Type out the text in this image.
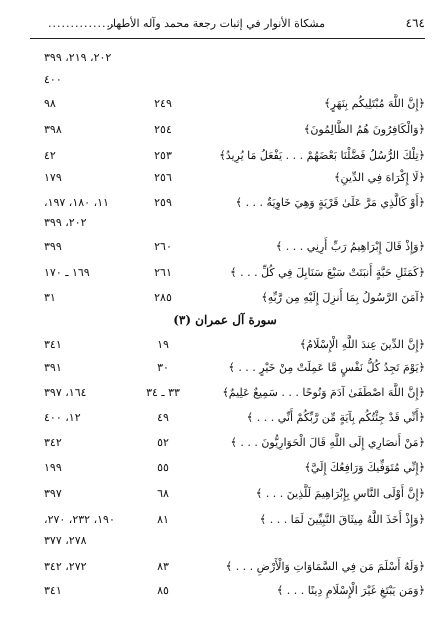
٤٦٤
مشكاة الأنوار في إثبات رجعة محمد وآله الأطهار
................
٢٠٢، ٢١٩، ٣٩٩
٤٠٠
﴿إِنَّ اللَّهَ مُبْتَلِيكُم بِنَهَرٍ﴾
٢٤٩
٩٨
﴿وَالْكَافِرُونَ هُمُ الظَّالِمُونَ﴾
٢٥٤
٣٩٨
﴿تِلْكَ الرُّسُلُ فَضَّلْنَا بَعْضَهُمْ . . . يَفْعَلُ مَا يُرِيدُ﴾
٢٥٣
٤٢
﴿لَا إِكْرَاهَ فِي الدِّينِ﴾
٢٥٦
١٧٩
﴿أَوْ كَالَّذِي مَرَّ عَلَىٰ قَرْيَةٍ وَهِيَ خَاوِيَةٌ . . . ﴾
٢٥٩
١١، ١٨٠، ١٩٧،
٢٠٢، ٣٩٩
﴿وَإِذْ قَالَ إِبْرَاهِيمُ رَبِّ أَرِنِي . . . ﴾
٢٦٠
٣٩٩
﴿كَمَثَلِ حَبَّةٍ أَنبَتَتْ سَبْعَ سَنَابِلَ فِي كُلِّ . . . ﴾
٢٦١
١٦٩ ـ ١٧٠
﴿آمَنَ الرَّسُولُ بِمَا أُنزِلَ إِلَيْهِ مِن رَّبِّهِ﴾
٢٨٥
٣١
سورة آل عمران (٣)
﴿إِنَّ الدِّينَ عِندَ اللَّهِ الْإِسْلَامُ﴾
١٩
٣٤١
﴿يَوْمَ تَجِدُ كُلُّ نَفْسٍ مَّا عَمِلَتْ مِنْ خَيْرٍ . . . ﴾
٣٠
٣٩١
﴿إِنَّ اللَّهَ اصْطَفَىٰ آدَمَ وَنُوحًا . . . سَمِيعٌ عَلِيمٌ﴾
٣٣ ـ ٣٤
١٦٤، ٣٩٧
﴿أَنِّي قَدْ جِئْتُكُم بِآيَةٍ مِّن رَّبِّكُمْ أَنِّي . . . ﴾
٤٩
١٢، ٤٠٠
﴿مَنْ أَنصَارِي إِلَى اللَّهِ قَالَ الْحَوَارِيُّونَ . . . ﴾
٥٢
٣٤٢
﴿إِنِّي مُتَوَفِّيكَ وَرَافِعُكَ إِلَيَّ﴾
٥٥
١٩٩
﴿إِنَّ أَوْلَى النَّاسِ بِإِبْرَاهِيمَ لَلَّذِينَ . . . ﴾
٦٨
٣٩٧
﴿وَإِذْ أَخَذَ اللَّهُ مِيثَاقَ النَّبِيِّينَ لَمَا . . . ﴾
٨١
١٩٠، ٢٣٢، ٢٧٠،
٢٧٨، ٣٧٧
﴿وَلَهُ أَسْلَمَ مَن فِي السَّمَاوَاتِ وَالْأَرْضِ . . . ﴾
٨٣
٢٧٢، ٣٤٢
﴿وَمَن يَبْتَغِ غَيْرَ الْإِسْلَامِ دِينًا . . . ﴾
٨٥
٣٤١
